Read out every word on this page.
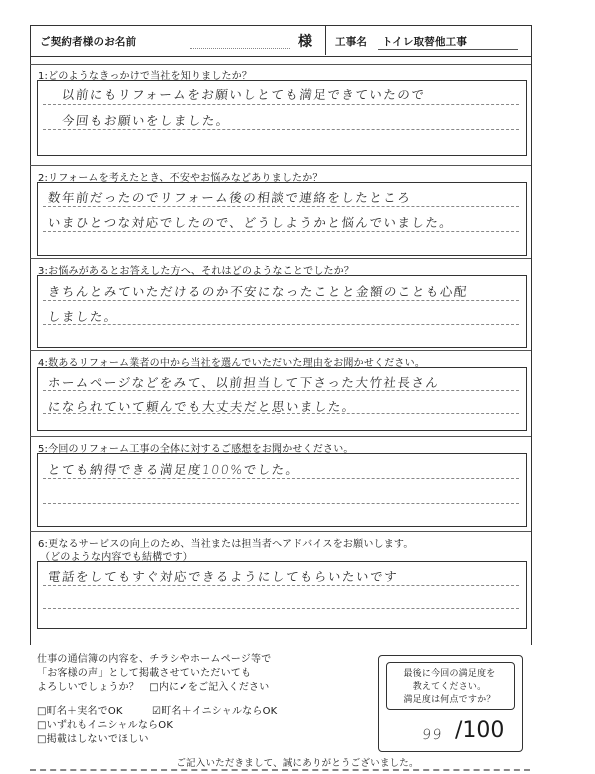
ご契約者様のお名前	様 工事名 トイレ取替他工事
1:どのようなきっかけで当社を知りましたか？
以前にもリフォームをお願いしとても満足できていたので
今回もお願いをしました。
2:リフォームを考えたとき、不安やお悩みなどありましたか？
数年前だったのでリフォーム後の相談で連絡をしたところ
いまひとつな対応でしたので、どうしようかと悩んでいました。
3:お悩みがあるとお答えした方へ、それはどのようなことでしたか？
きちんとみていただけるのか不安になったことと金額のことも心配
しました。
4:数あるリフォーム業者の中から当社を選んでいただいた理由をお聞かせください。
ホームページなどをみて、以前担当して下さった大竹社長さん
になられていて頼んでも大丈夫だと思いました。
5:今回のリフォーム工事の全体に対するご感想をお聞かせください。
とても納得できる満足度100%でした。
6:更なるサービスの向上のため、当社または担当者へアドバイスをお願いします。
（どのような内容でも結構です）
電話をしてもすぐ対応できるようにしてもらいたいです
仕事の通信簿の内容を、チラシやホームページ等で
「お客様の声」として掲載させていただいても
よろしいでしょうか？　□内に✓をご記入ください
□町名＋実名でOK	☑町名＋イニシャルならOK
□いずれもイニシャルならOK
□掲載はしないでほしい
最後に今回の満足度を
教えてください。
満足度は何点ですか？
99 /100
ご記入いただきまして、誠にありがとうございました。
